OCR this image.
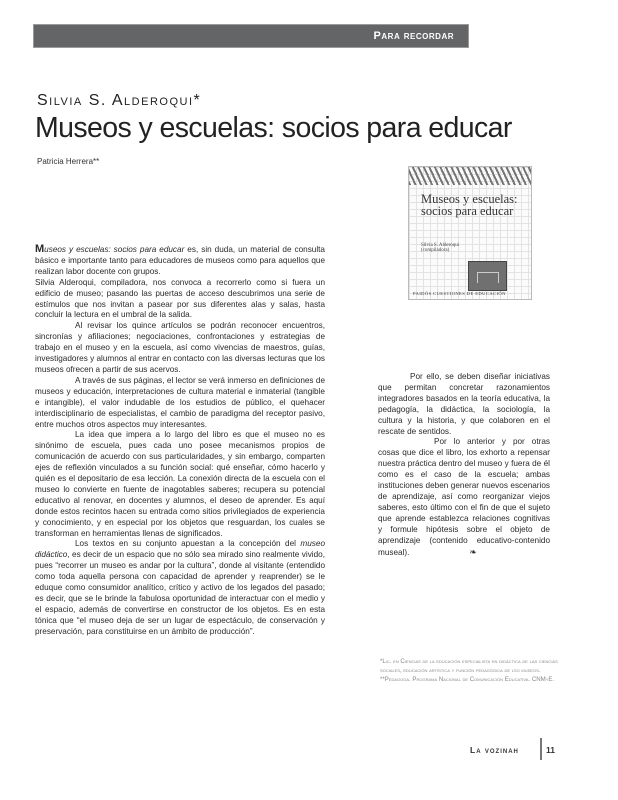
Para recordar
Silvia S. Alderoqui*
Museos y escuelas: socios para educar
Patricia Herrera**
Museos y escuelas: socios para educar
Silvia S. Alderoqui
(compiladora)
PAIDÓS CUESTIONES DE EDUCACIÓN

Museos y escuelas: socios para educar es, sin duda, un material de consulta básico e importante tanto para educadores de museos como para aquellos que realizan labor docente con grupos.

Silvia Alderoqui, compiladora, nos convoca a recorrerlo como si fuera un edificio de museo; pasando las puertas de acceso descubrimos una serie de estímulos que nos invitan a pasear por sus diferentes alas y salas, hasta concluir la lectura en el umbral de la salida.

Al revisar los quince artículos se podrán reconocer encuentros, sincronías y afiliaciones; negociaciones, confrontaciones y estrategias de trabajo en el museo y en la escuela, así como vivencias de maestros, guías, investigadores y alumnos al entrar en contacto con las diversas lecturas que los museos ofrecen a partir de sus acervos.

A través de sus páginas, el lector se verá inmerso en definiciones de museos y educación, interpretaciones de cultura material e inmaterial (tangible e intangible), el valor indudable de los estudios de público, el quehacer interdisciplinario de especialistas, el cambio de paradigma del receptor pasivo, entre muchos otros aspectos muy interesantes.

La idea que impera a lo largo del libro es que el museo no es sinónimo de escuela, pues cada uno posee mecanismos propios de comunicación de acuerdo con sus particularidades, y sin embargo, comparten ejes de reflexión vinculados a su función social: qué enseñar, cómo hacerlo y quién es el depositario de esa lección. La conexión directa de la escuela con el museo lo convierte en fuente de inagotables saberes; recupera su potencial educativo al renovar, en docentes y alumnos, el deseo de aprender. Es aquí donde estos recintos hacen su entrada como sitios privilegiados de experiencia y conocimiento, y en especial por los objetos que resguardan, los cuales se transforman en herramientas llenas de significados.

Los textos en su conjunto apuestan a la concepción del museo didáctico, es decir de un espacio que no sólo sea mirado sino realmente vivido, pues “recorrer un museo es andar por la cultura”, donde al visitante (entendido como toda aquella persona con capacidad de aprender y reaprender) se le eduque como consumidor analítico, crítico y activo de los legados del pasado; es decir, que se le brinde la fabulosa oportunidad de interactuar con el medio y el espacio, además de convertirse en constructor de los objetos. Es en esta tónica que “el museo deja de ser un lugar de espectáculo, de conservación y preservación, para constituirse en un ámbito de producción”.

Por ello, se deben diseñar iniciativas que permitan concretar razonamientos integradores basados en la teoría educativa, la pedagogía, la didáctica, la sociología, la cultura y la historia, y que colaboren en el rescate de sentidos.

Por lo anterior y por otras cosas que dice el libro, los exhorto a repensar nuestra práctica dentro del museo y fuera de él como es el caso de la escuela; ambas instituciones deben generar nuevos escenarios de aprendizaje, así como reorganizar viejos saberes, esto último con el fin de que el sujeto que aprende establezca relaciones cognitivas y formule hipótesis sobre el objeto de aprendizaje (contenido educativo-contenido museal).	❧

*Lic. en Ciencias de la educación especialista en didáctica de las ciencias sociales, educación artística y función pedagógica de lso museos.

**Pedagoga. Programa Nacional de Comunicación Educativa. CNMyE.

La vozinah	11
